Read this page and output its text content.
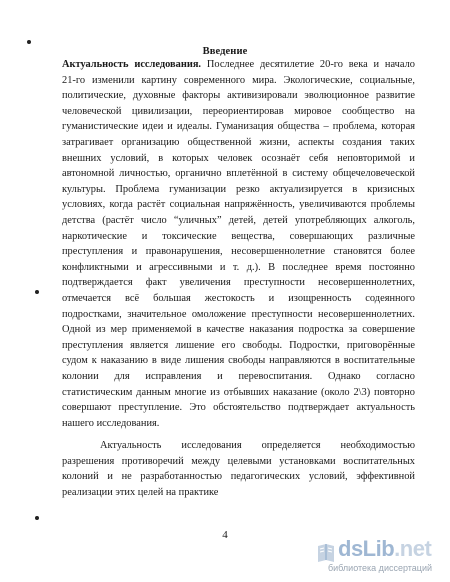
Введение
Актуальность исследования. Последнее десятилетие 20-го века и начало
21-го изменили картину современного мира. Экологические, социальные,
политические, духовные факторы активизировали эволюционное развитие
человеческой цивилизации, переориентировав мировое сообщество на
гуманистические идеи и идеалы. Гуманизация общества – проблема, которая
затрагивает организацию общественной жизни, аспекты создания таких
внешних условий, в которых человек осознаёт себя неповторимой и
автономной личностью, органично вплетённой в систему общечеловеческой
культуры. Проблема гуманизации резко актуализируется в кризисных
условиях, когда растёт социальная напряжённость, увеличиваются проблемы
детства (растёт число “уличных” детей, детей употребляющих алкоголь,
наркотические и токсические вещества, совершающих различные
преступления и правонарушения, несовершеннолетние становятся более
конфликтными и агрессивными и т. д.). В последнее время постоянно
подтверждается факт увеличения преступности несовершеннолетних,
отмечается всё большая жестокость и изощренность содеянного
подростками, значительное омоложение преступности несовершеннолетних.
Одной из мер применяемой в качестве наказания подростка за совершение
преступления является лишение его свободы. Подростки, приговорённые
судом к наказанию в виде лишения свободы направляются в воспитательные
колонии для исправления и перевоспитания. Однако согласно
статистическим данным многие из отбывших наказание (около 2\3) повторно
совершают преступление. Это обстоятельство подтверждает актуальность
нашего исследования.
Актуальность исследования определяется необходимостью
разрешения противоречий между целевыми установками воспитательных
колоний и не разработанностью педагогических условий, эффективной
реализации этих целей на практике
4
dsLib.net
библиотека диссертаций
